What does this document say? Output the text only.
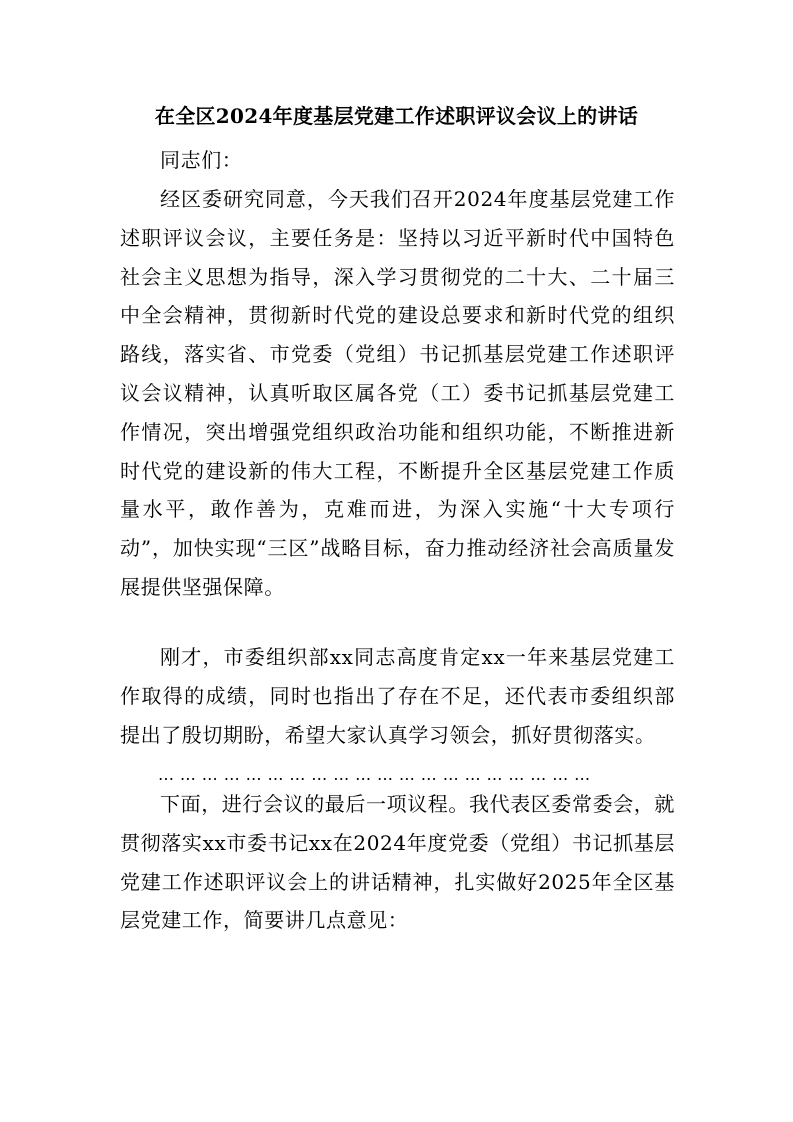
在全区2024年度基层党建工作述职评议会议上的讲话

同志们：

经区委研究同意，今天我们召开2024年度基层党建工作述职评议会议，主要任务是：坚持以习近平新时代中国特色社会主义思想为指导，深入学习贯彻党的二十大、二十届三中全会精神，贯彻新时代党的建设总要求和新时代党的组织路线，落实省、市党委（党组）书记抓基层党建工作述职评议会议精神，认真听取区属各党（工）委书记抓基层党建工作情况，突出增强党组织政治功能和组织功能，不断推进新时代党的建设新的伟大工程，不断提升全区基层党建工作质量水平，敢作善为，克难而进，为深入实施“十大专项行动”，加快实现“三区”战略目标，奋力推动经济社会高质量发展提供坚强保障。

刚才，市委组织部xx同志高度肯定xx一年来基层党建工作取得的成绩，同时也指出了存在不足，还代表市委组织部提出了殷切期盼，希望大家认真学习领会，抓好贯彻落实。

……………………………………………………

下面，进行会议的最后一项议程。我代表区委常委会，就贯彻落实xx市委书记xx在2024年度党委（党组）书记抓基层党建工作述职评议会上的讲话精神，扎实做好2025年全区基层党建工作，简要讲几点意见：
